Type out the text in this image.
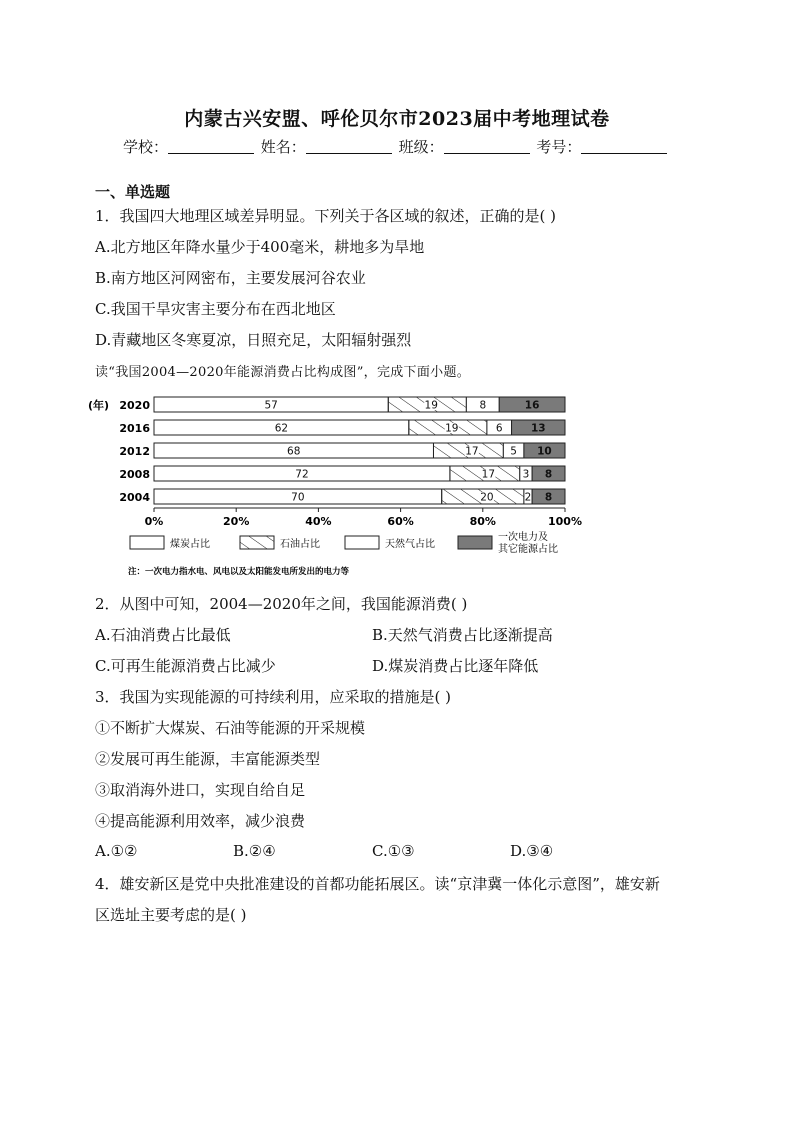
内蒙古兴安盟、呼伦贝尔市2023届中考地理试卷
学校：	姓名：	班级：	考号：
一、单选题
1．我国四大地理区域差异明显。下列关于各区域的叙述，正确的是( )
A.北方地区年降水量少于400毫米，耕地多为旱地
B.南方地区河网密布，主要发展河谷农业
C.我国干旱灾害主要分布在西北地区
D.青藏地区冬寒夏凉，日照充足，太阳辐射强烈
读“我国2004—2020年能源消费占比构成图”，完成下面小题。
57	19	8	16
62	19	6	13
68	17	5 10
72	17	3 8
70	20	2 8
(年) 2020
2016
2012
2008
2004
0%	20%	40%	60%	80%	100%
煤炭占比	石油占比	天然气占比
一次电力及
其它能源占比
注：一次电力指水电、风电以及太阳能发电所发出的电力等
2．从图中可知，2004—2020年之间，我国能源消费( )
A.石油消费占比最低	B.天然气消费占比逐渐提高
C.可再生能源消费占比减少	D.煤炭消费占比逐年降低
3．我国为实现能源的可持续利用，应采取的措施是( )
①不断扩大煤炭、石油等能源的开采规模
②发展可再生能源，丰富能源类型
③取消海外进口，实现自给自足
④提高能源利用效率，减少浪费
A.①②	B.②④	C.①③	D.③④
4．雄安新区是党中央批准建设的首都功能拓展区。读“京津冀一体化示意图”，雄安新
区选址主要考虑的是( )
